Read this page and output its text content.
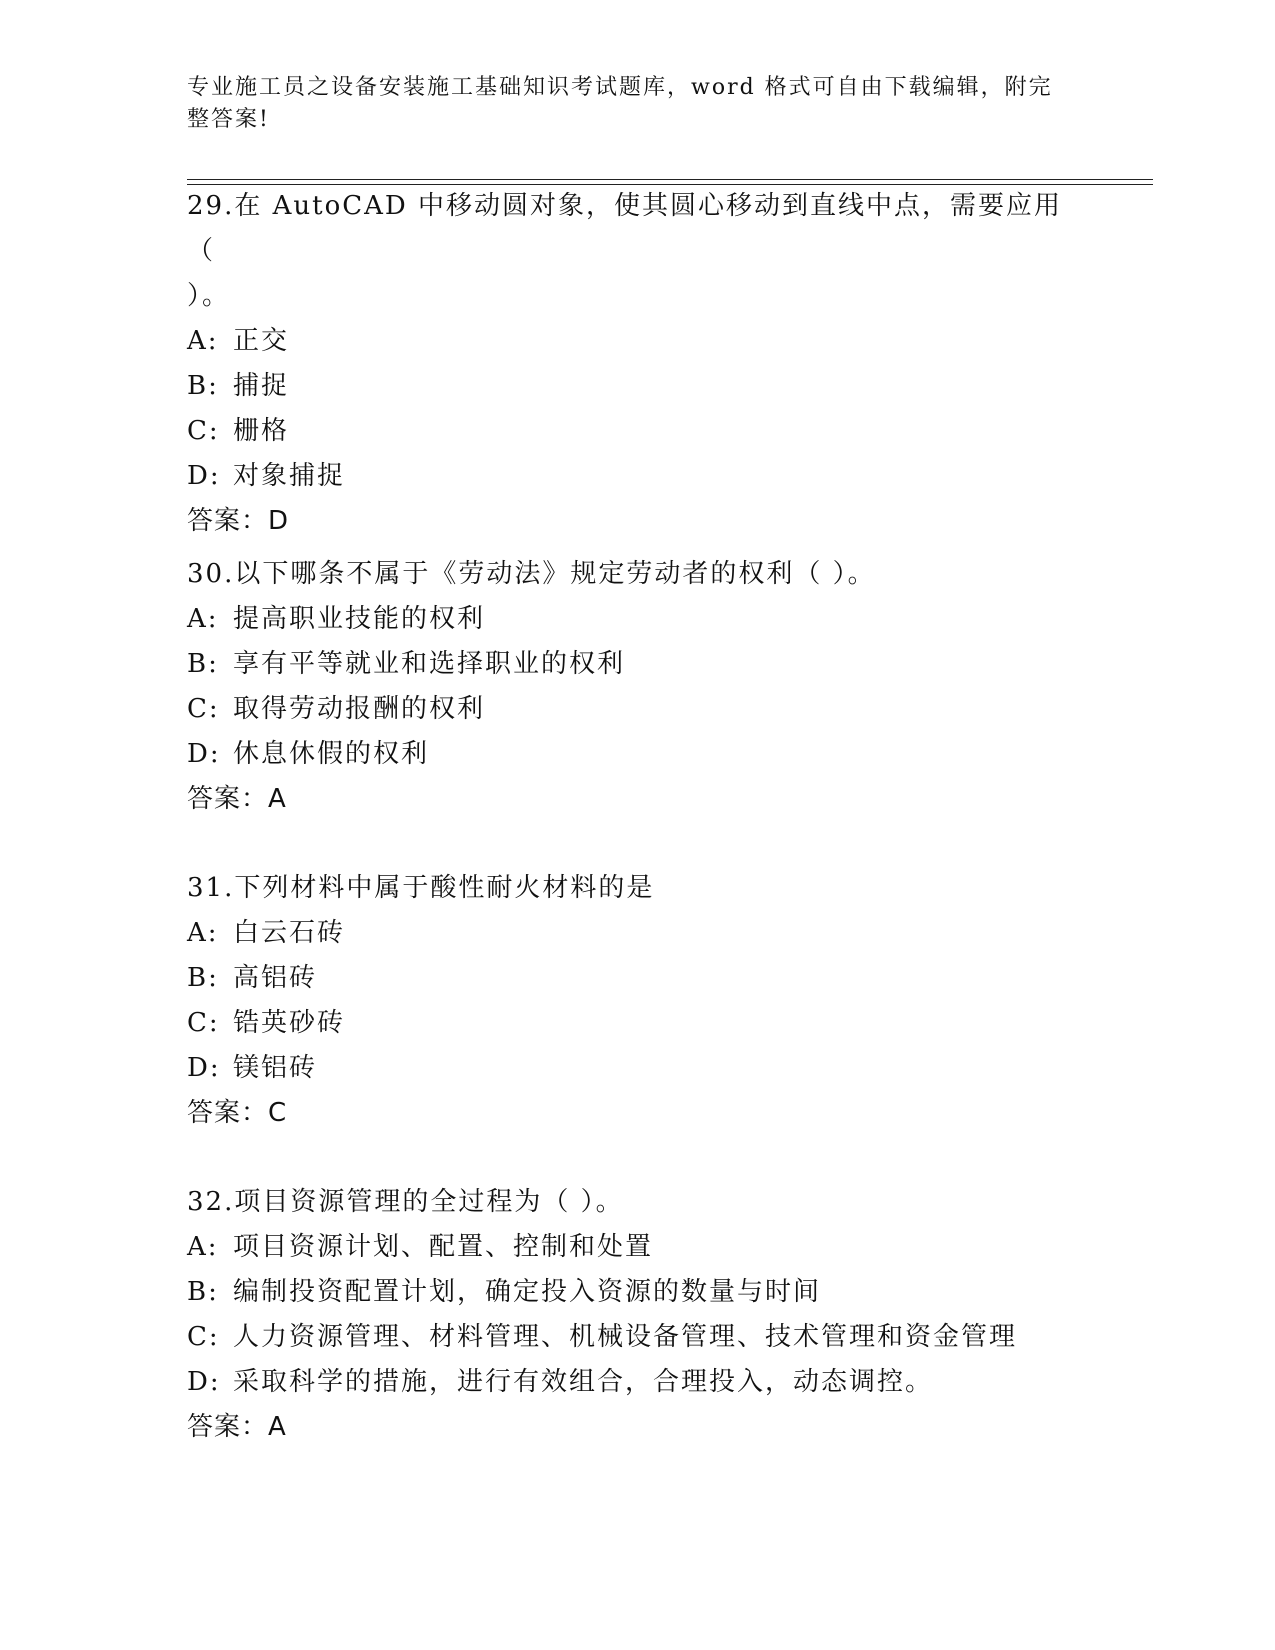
专业施工员之设备安装施工基础知识考试题库，word 格式可自由下载编辑，附完
整答案!
29.在 AutoCAD 中移动圆对象，使其圆心移动到直线中点，需要应用（
）。
A: 正交
B: 捕捉
C: 栅格
D: 对象捕捉
答案：D
30.以下哪条不属于《劳动法》规定劳动者的权利（ ）。
A: 提高职业技能的权利
B: 享有平等就业和选择职业的权利
C: 取得劳动报酬的权利
D: 休息休假的权利
答案：A
31.下列材料中属于酸性耐火材料的是
A: 白云石砖
B: 高铝砖
C: 锆英砂砖
D: 镁铝砖
答案：C
32.项目资源管理的全过程为（ ）。
A: 项目资源计划、配置、控制和处置
B: 编制投资配置计划，确定投入资源的数量与时间
C: 人力资源管理、材料管理、机械设备管理、技术管理和资金管理
D: 采取科学的措施，进行有效组合，合理投入，动态调控。
答案：A
